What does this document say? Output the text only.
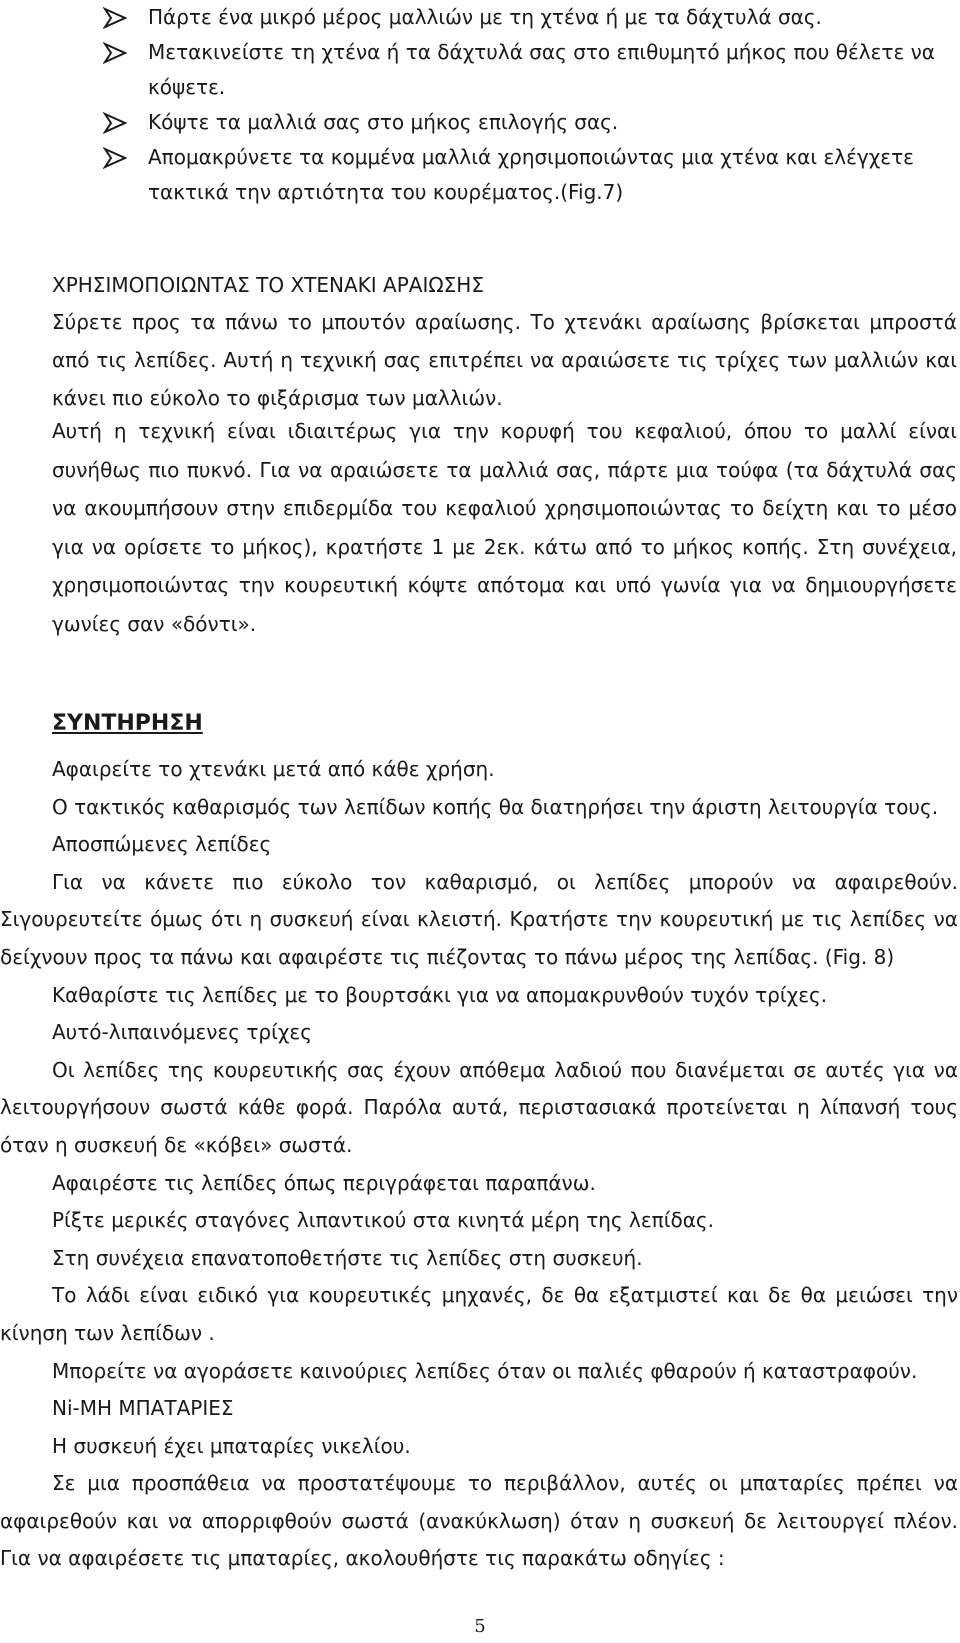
Πάρτε ένα μικρό μέρος μαλλιών με τη χτένα ή με τα δάχτυλά σας.
Μετακινείστε τη χτένα ή τα δάχτυλά σας στο επιθυμητό μήκος που θέλετε να κόψετε.
Κόψτε τα μαλλιά σας στο μήκος επιλογής σας.
Απομακρύνετε τα κομμένα μαλλιά χρησιμοποιώντας μια χτένα και ελέγχετε τακτικά την αρτιότητα του κουρέματος.(Fig.7)
ΧΡΗΣΙΜΟΠΟΙΩΝΤΑΣ ΤΟ ΧΤΕΝΑΚΙ ΑΡΑΙΩΣΗΣ
Σύρετε προς τα πάνω το μπουτόν αραίωσης. Το χτενάκι αραίωσης βρίσκεται μπροστά από τις λεπίδες. Αυτή η τεχνική σας επιτρέπει να αραιώσετε τις τρίχες των μαλλιών και κάνει πιο εύκολο το φιξάρισμα των μαλλιών.
Αυτή η τεχνική είναι ιδιαιτέρως για την κορυφή του κεφαλιού, όπου το μαλλί είναι συνήθως πιο πυκνό. Για να αραιώσετε τα μαλλιά σας, πάρτε μια τούφα (τα δάχτυλά σας να ακουμπήσουν στην επιδερμίδα του κεφαλιού χρησιμοποιώντας το δείχτη και το μέσο για να ορίσετε το μήκος), κρατήστε 1 με 2εκ. κάτω από το μήκος κοπής. Στη συνέχεια, χρησιμοποιώντας την κουρευτική κόψτε απότομα και υπό γωνία για να δημιουργήσετε γωνίες σαν «δόντι».
ΣΥΝΤΗΡΗΣΗ

Αφαιρείτε το χτενάκι μετά από κάθε χρήση.

Ο τακτικός καθαρισμός των λεπίδων κοπής θα διατηρήσει την άριστη λειτουργία τους.

Αποσπώμενες λεπίδες

Για να κάνετε πιο εύκολο τον καθαρισμό, οι λεπίδες μπορούν να αφαιρεθούν. Σιγουρευτείτε όμως ότι η συσκευή είναι κλειστή. Κρατήστε την κουρευτική με τις λεπίδες να δείχνουν προς τα πάνω και αφαιρέστε τις πιέζοντας το πάνω μέρος της λεπίδας. (Fig. 8)

Καθαρίστε τις λεπίδες με το βουρτσάκι για να απομακρυνθούν τυχόν τρίχες.

Αυτό-λιπαινόμενες τρίχες

Οι λεπίδες της κουρευτικής σας έχουν απόθεμα λαδιού που διανέμεται σε αυτές για να λειτουργήσουν σωστά κάθε φορά. Παρόλα αυτά, περιστασιακά προτείνεται η λίπανσή τους όταν η συσκευή δε «κόβει» σωστά.

Αφαιρέστε τις λεπίδες όπως περιγράφεται παραπάνω.

Ρίξτε μερικές σταγόνες λιπαντικού στα κινητά μέρη της λεπίδας.

Στη συνέχεια επανατοποθετήστε τις λεπίδες στη συσκευή.

Το λάδι είναι ειδικό για κουρευτικές μηχανές, δε θα εξατμιστεί και δε θα μειώσει την κίνηση των λεπίδων .

Μπορείτε να αγοράσετε καινούριες λεπίδες όταν οι παλιές φθαρούν ή καταστραφούν.

Ni-MH ΜΠΑΤΑΡΙΕΣ

Η συσκευή έχει μπαταρίες νικελίου.

Σε μια προσπάθεια να προστατέψουμε το περιβάλλον, αυτές οι μπαταρίες πρέπει να αφαιρεθούν και να απορριφθούν σωστά (ανακύκλωση) όταν η συσκευή δε λειτουργεί πλέον. Για να αφαιρέσετε τις μπαταρίες, ακολουθήστε τις παρακάτω οδηγίες :

5
